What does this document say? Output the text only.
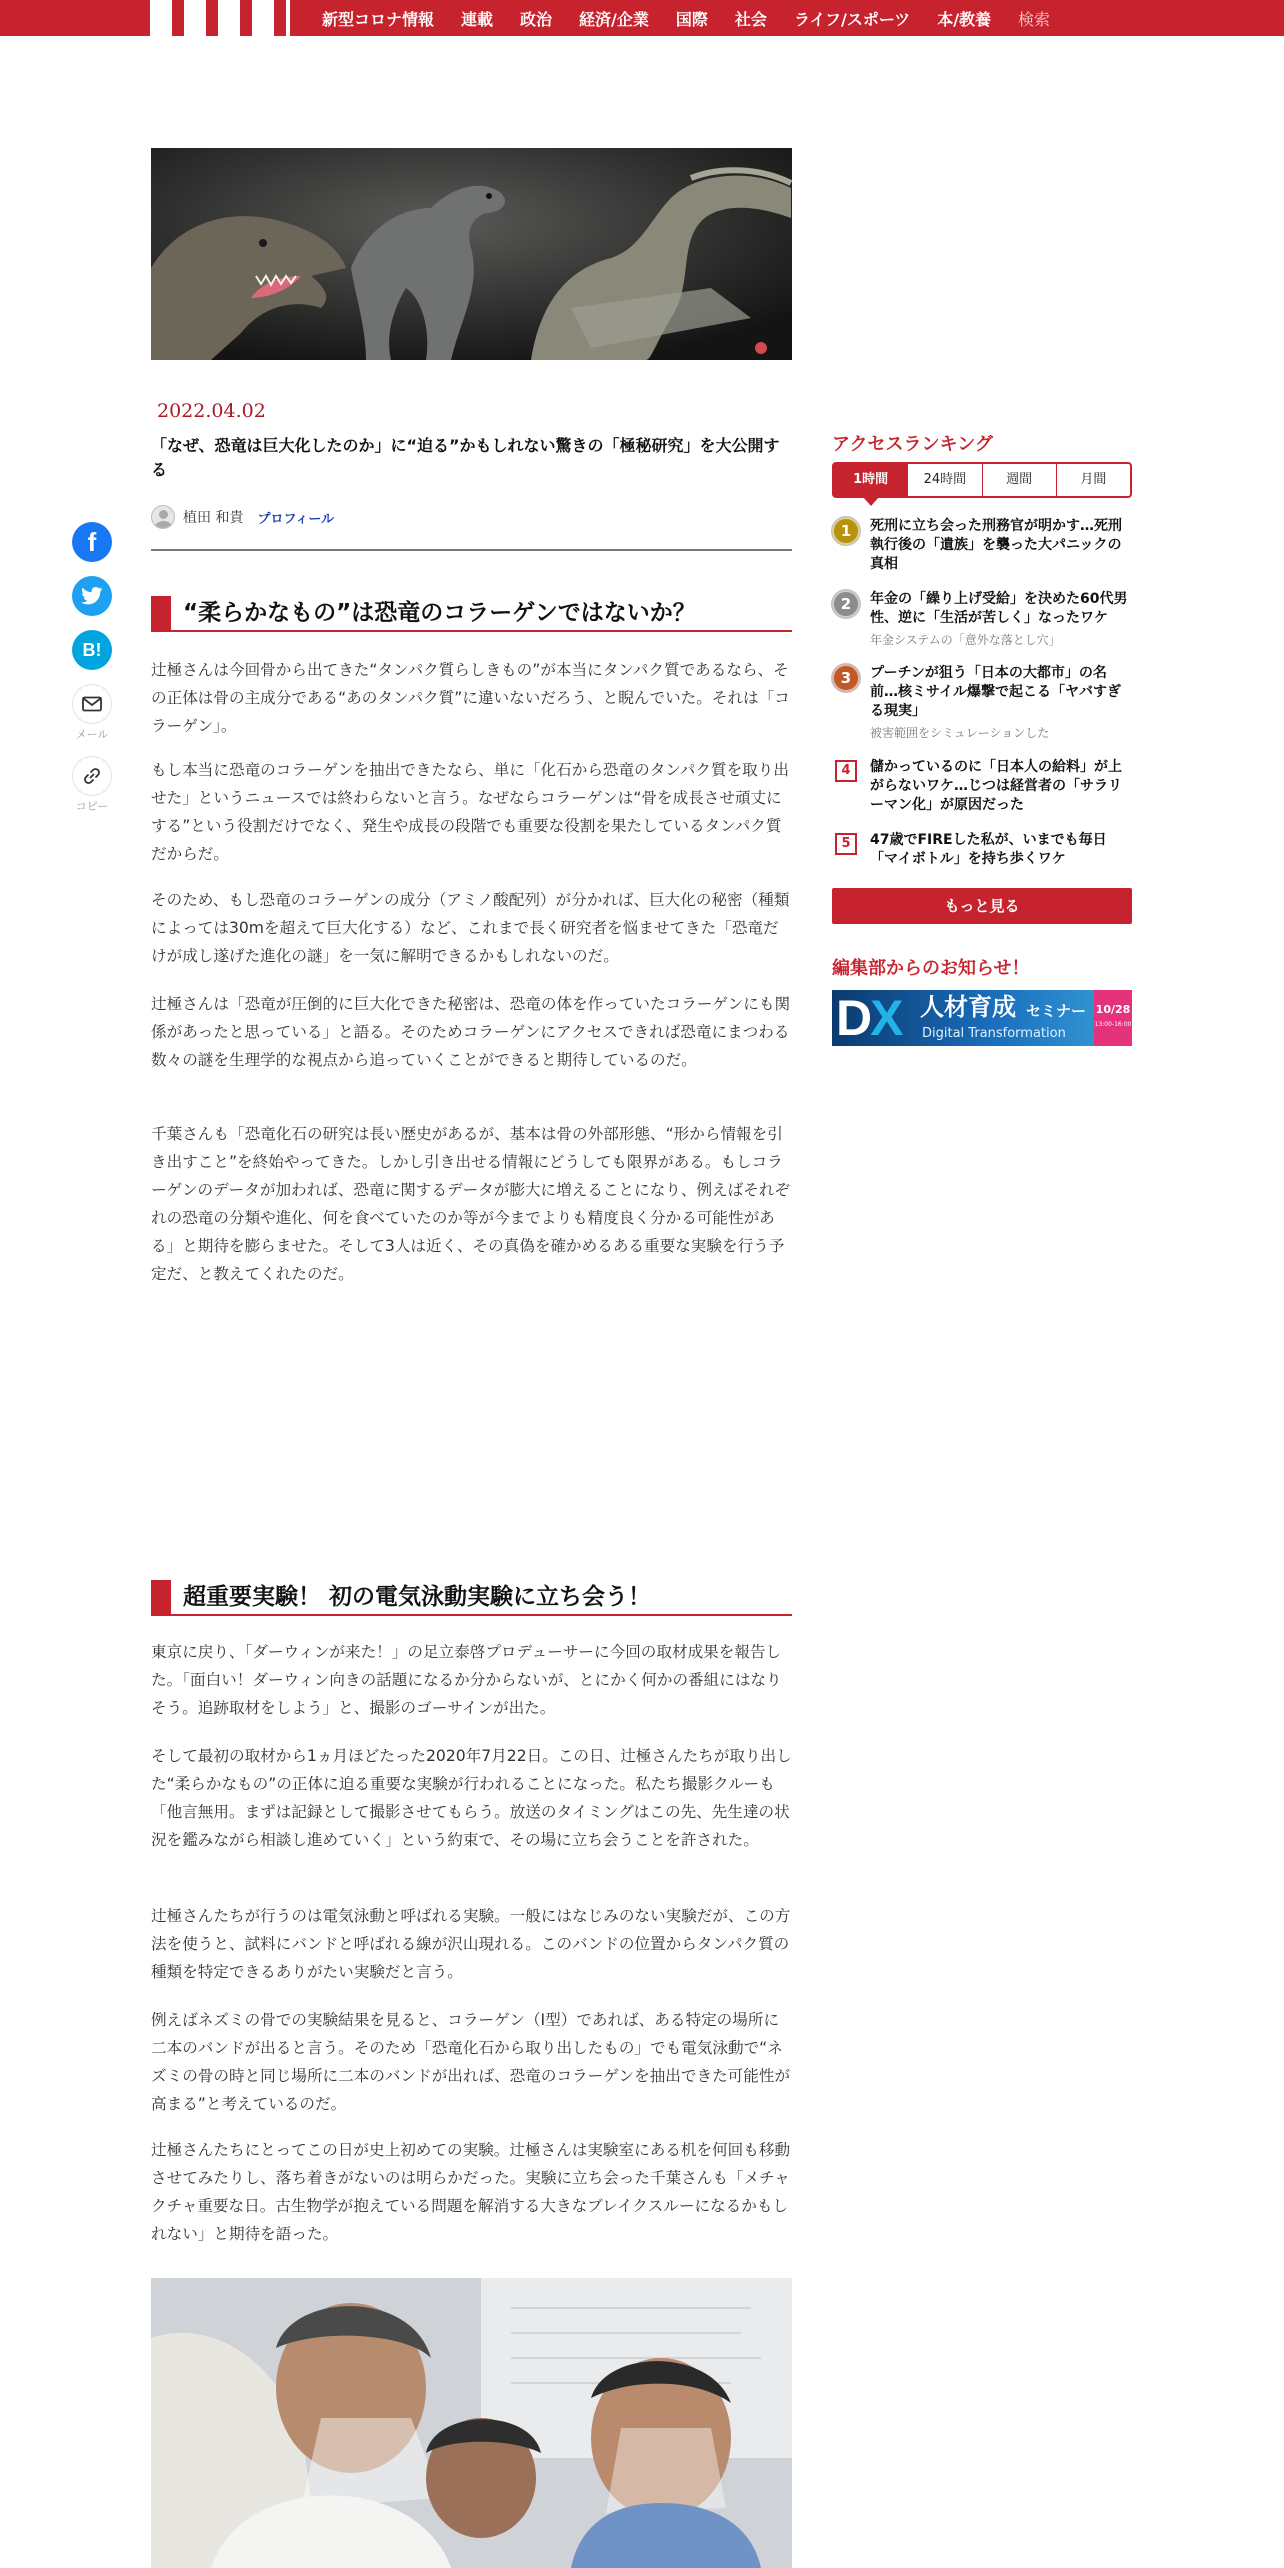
新型コロナ情報 連載 政治 経済/企業 国際 社会 ライフ/スポーツ 本/教養 検索
2022.04.02
「なぜ、恐竜は巨大化したのか」に“迫る”かもしれない驚きの「極秘研究」を大公開する
植田 和貴 プロフィール
f
B!
メール
コピー
“柔らかなもの”は恐竜のコラーゲンではないか？
辻極さんは今回骨から出てきた“タンパク質らしきもの”が本当にタンパク質であるなら、その正体は骨の主成分である“あのタンパク質”に違いないだろう、と睨んでいた。それは「コラーゲン」。
もし本当に恐竜のコラーゲンを抽出できたなら、単に「化石から恐竜のタンパク質を取り出せた」というニュースでは終わらないと言う。なぜならコラーゲンは“骨を成長させ頑丈にする”という役割だけでなく、発生や成長の段階でも重要な役割を果たしているタンパク質だからだ。
そのため、もし恐竜のコラーゲンの成分（アミノ酸配列）が分かれば、巨大化の秘密（種類によっては30mを超えて巨大化する）など、これまで長く研究者を悩ませてきた「恐竜だけが成し遂げた進化の謎」を一気に解明できるかもしれないのだ。
辻極さんは「恐竜が圧倒的に巨大化できた秘密は、恐竜の体を作っていたコラーゲンにも関係があったと思っている」と語る。そのためコラーゲンにアクセスできれば恐竜にまつわる数々の謎を生理学的な視点から追っていくことができると期待しているのだ。
千葉さんも「恐竜化石の研究は長い歴史があるが、基本は骨の外部形態、“形から情報を引き出すこと”を終始やってきた。しかし引き出せる情報にどうしても限界がある。もしコラーゲンのデータが加われば、恐竜に関するデータが膨大に増えることになり、例えばそれぞれの恐竜の分類や進化、何を食べていたのか等が今までよりも精度良く分かる可能性がある」と期待を膨らませた。そして3人は近く、その真偽を確かめるある重要な実験を行う予定だ、と教えてくれたのだ。
超重要実験！ 初の電気泳動実験に立ち会う！
東京に戻り、「ダーウィンが来た！」の足立泰啓プロデューサーに今回の取材成果を報告した。「面白い！ダーウィン向きの話題になるか分からないが、とにかく何かの番組にはなりそう。追跡取材をしよう」と、撮影のゴーサインが出た。
そして最初の取材から1ヵ月ほどたった2020年7月22日。この日、辻極さんたちが取り出した“柔らかなもの”の正体に迫る重要な実験が行われることになった。私たち撮影クルーも「他言無用。まずは記録として撮影させてもらう。放送のタイミングはこの先、先生達の状況を鑑みながら相談し進めていく」という約束で、その場に立ち会うことを許された。
辻極さんたちが行うのは電気泳動と呼ばれる実験。一般にはなじみのない実験だが、この方法を使うと、試料にバンドと呼ばれる線が沢山現れる。このバンドの位置からタンパク質の種類を特定できるありがたい実験だと言う。
例えばネズミの骨での実験結果を見ると、コラーゲン（I型）であれば、ある特定の場所に二本のバンドが出ると言う。そのため「恐竜化石から取り出したもの」でも電気泳動で“ネズミの骨の時と同じ場所に二本のバンドが出れば、恐竜のコラーゲンを抽出できた可能性が高まる”と考えているのだ。
辻極さんたちにとってこの日が史上初めての実験。辻極さんは実験室にある机を何回も移動させてみたりし、落ち着きがないのは明らかだった。実験に立ち会った千葉さんも「メチャクチャ重要な日。古生物学が抱えている問題を解消する大きなブレイクスルーになるかもしれない」と期待を語った。
アクセスランキング
1時間	24時間	週間	月間
1	死刑に立ち会った刑務官が明かす…死刑執行後の「遺族」を襲った大パニックの真相
2	年金の「繰り上げ受給」を決めた60代男性、逆に「生活が苦しく」なったワケ
年金システムの「意外な落とし穴」
3	プーチンが狙う「日本の大都市」の名前…核ミサイル爆撃で起こる「ヤバすぎる現実」
被害範囲をシミュレーションした
4	儲かっているのに「日本人の給料」が上がらないワケ…じつは経営者の「サラリーマン化」が原因だった
5	47歳でFIREした私が、いまでも毎日「マイボトル」を持ち歩くワケ
もっと見る
編集部からのお知らせ！
DX 人材育成 セミナー
Digital Transformation
10/28
13:00-16:00
